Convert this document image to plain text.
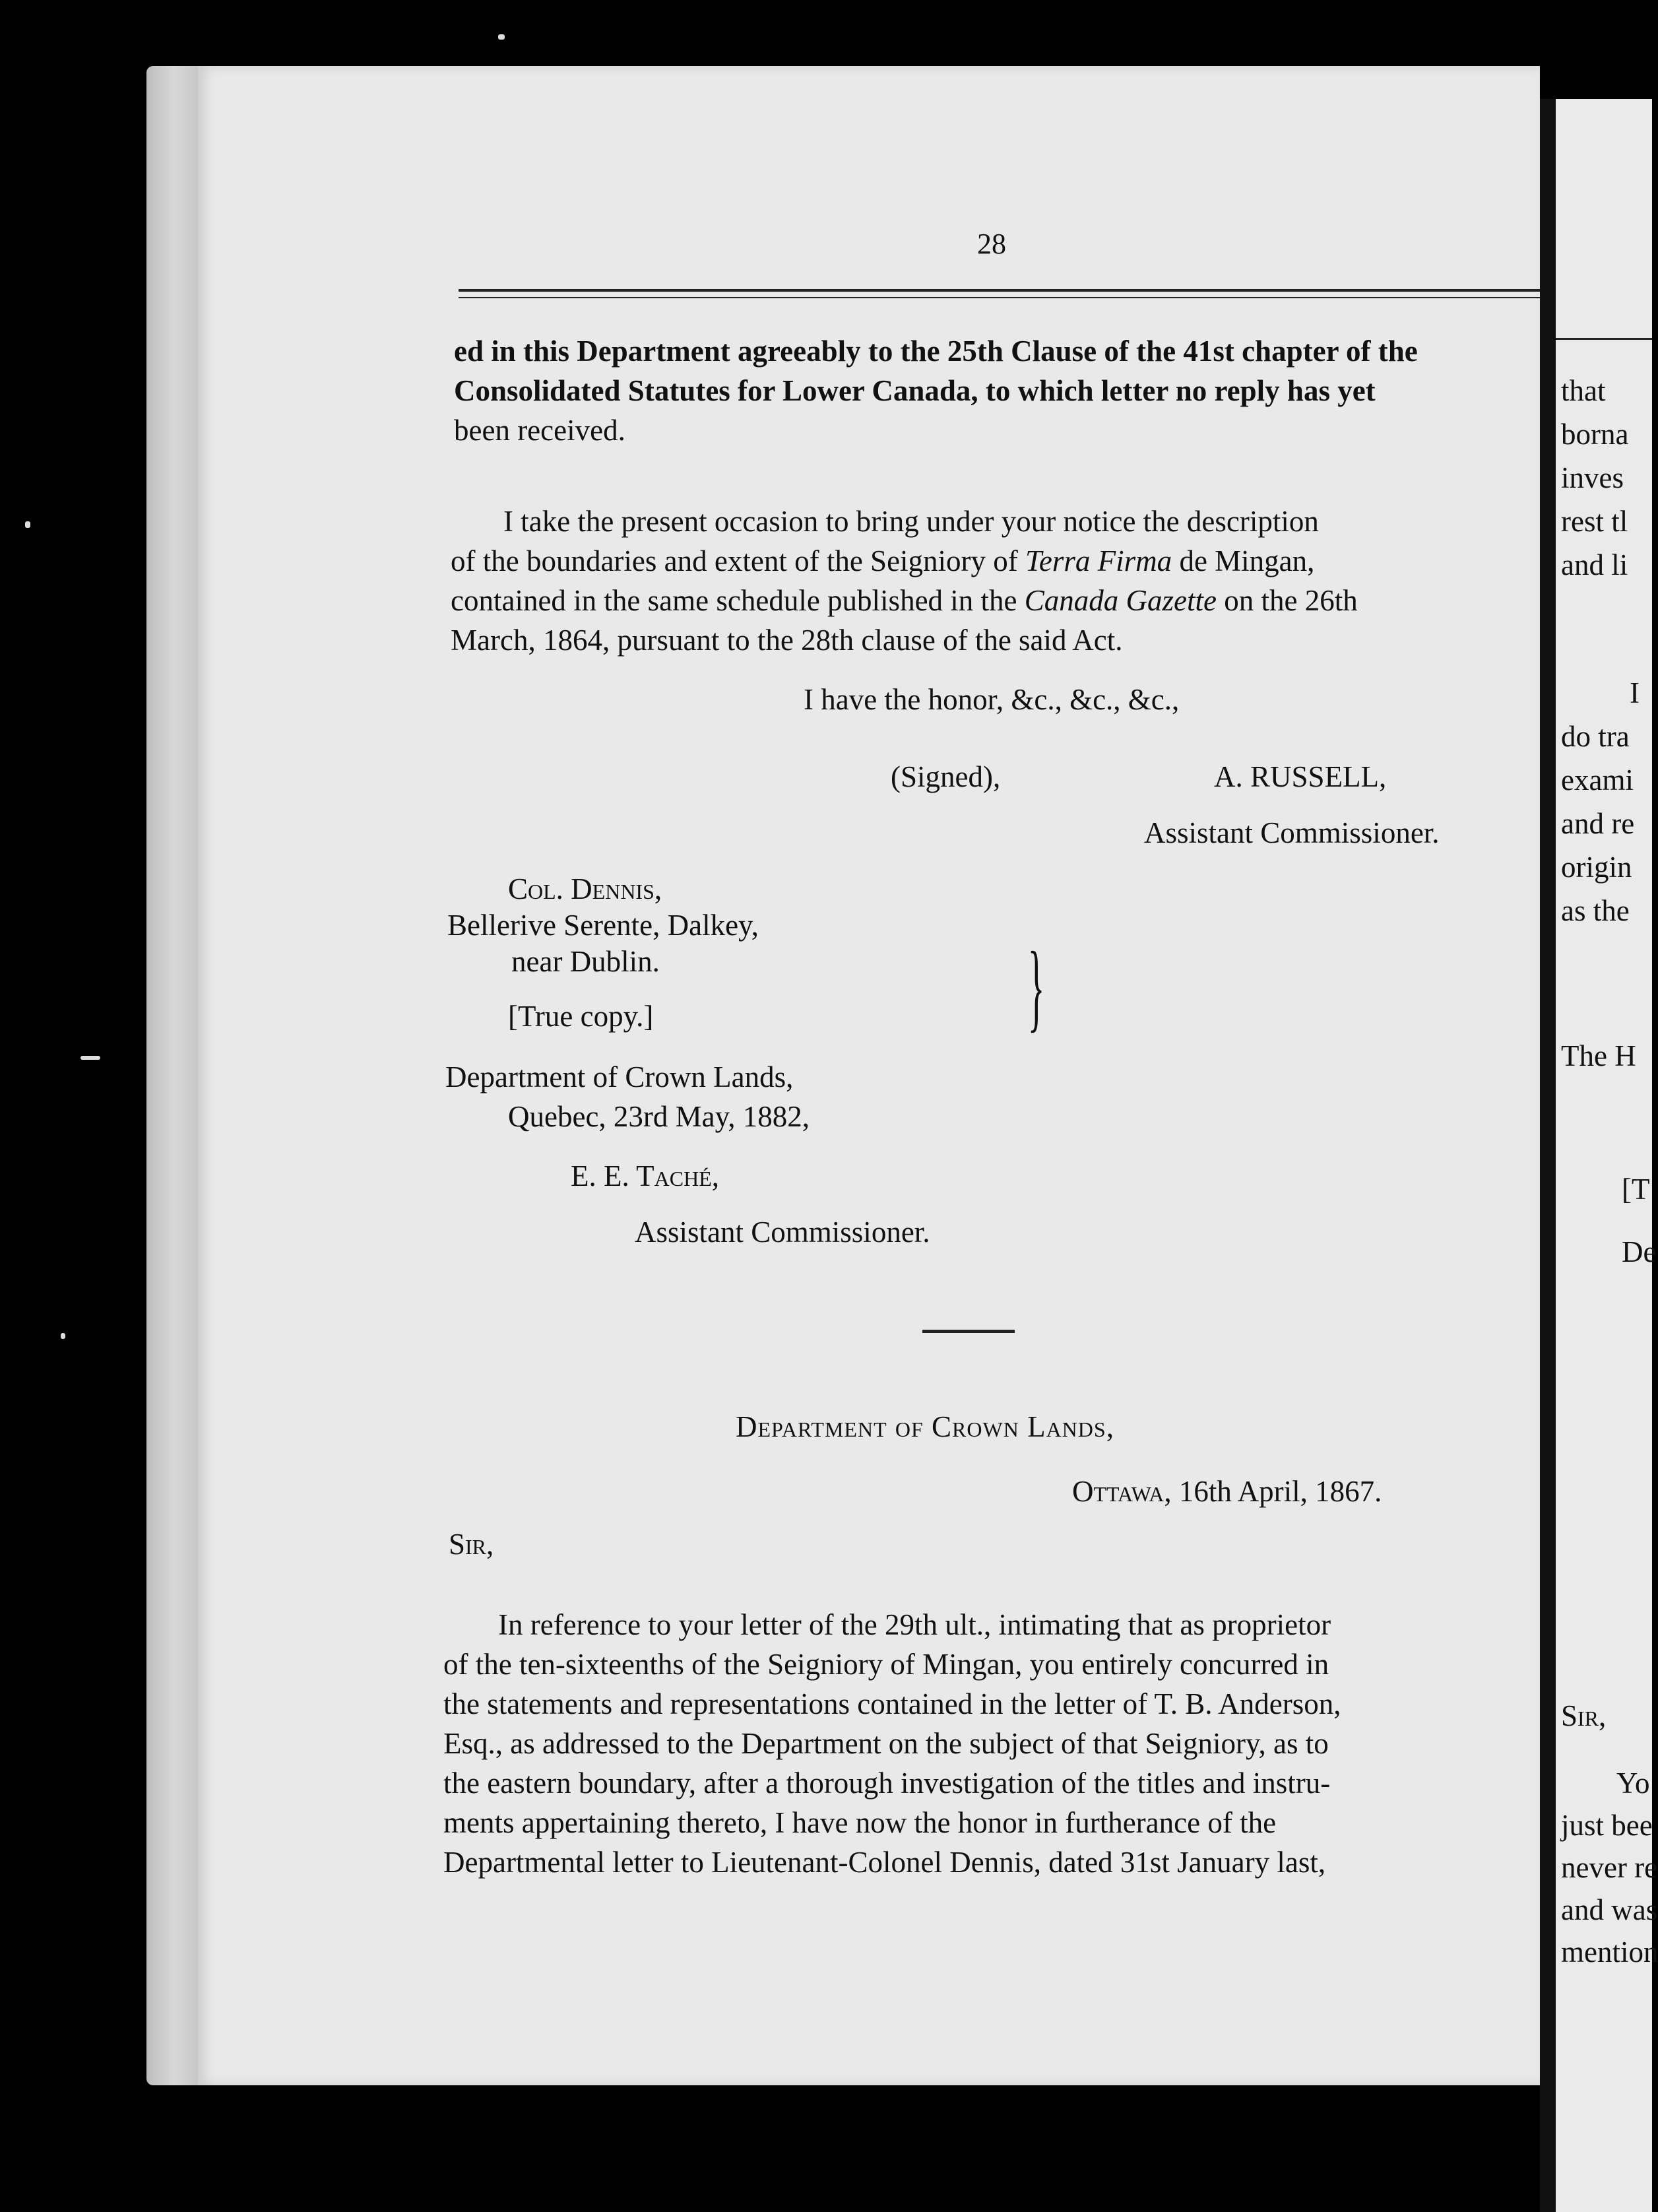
28
ed in this Department agreeably to the 25th Clause of the 41st chapter of the
Consolidated Statutes for Lower Canada, to which letter no reply has yet
been received.
I take the present occasion to bring under your notice the description
of the boundaries and extent of the Seigniory of Terra Firma de Mingan,
contained in the same schedule published in the Canada Gazette on the 26th
March, 1864, pursuant to the 28th clause of the said Act.
I have the honor, &c., &c., &c.,
(Signed),	A. RUSSELL,
Assistant Commissioner.
Col. Dennis,
Bellerive Serente, Dalkey,
near Dublin.	}
[True copy.]
Department of Crown Lands,
Quebec, 23rd May, 1882,
E. E. Taché,
Assistant Commissioner.
Department of Crown Lands,
Ottawa, 16th April, 1867.
Sir,
In reference to your letter of the 29th ult., intimating that as proprietor
of the ten-sixteenths of the Seigniory of Mingan, you entirely concurred in
the statements and representations contained in the letter of T. B. Anderson,
Esq., as addressed to the Department on the subject of that Seigniory, as to
the eastern boundary, after a thorough investigation of the titles and instru-
ments appertaining thereto, I have now the honor in furtherance of the
Departmental letter to Lieutenant-Colonel Dennis, dated 31st January last,
that
borna
inves
rest tl
and li
I
do tra
exami
and re
origin
as the
The H
[T
De
Sir,
Yo
just bee
never re
and was
mention
